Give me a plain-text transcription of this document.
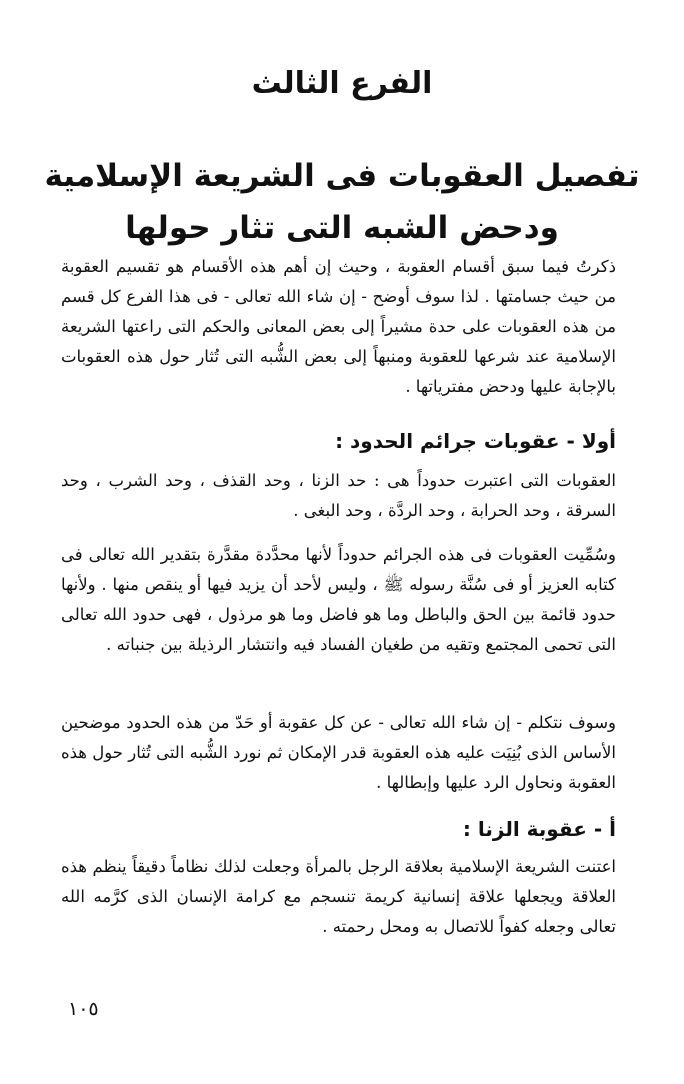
الفرع الثالث
تفصيل العقوبات فى الشريعة الإسلامية ودحض الشبه التى تثار حولها

ذكرتُ فيما سبق أقسام العقوبة ، وحيث إن أهم هذه الأقسام هو تقسيم العقوبة من حيث جسامتها . لذا سوف أوضح - إن شاء الله تعالى - فى هذا الفرع كل قسم من هذه العقوبات على حدة مشيراً إلى بعض المعانى والحكم التى راعتها الشريعة الإسلامية عند شرعها للعقوبة ومنبهاً إلى بعض الشُّبه التى تُثار حول هذه العقوبات بالإجابة عليها ودحض مفترياتها .

أولا - عقوبات جرائم الحدود :

العقوبات التى اعتبرت حدوداً هى : حد الزنا ، وحد القذف ، وحد الشرب ، وحد السرقة ، وحد الحرابة ، وحد الردَّة ، وحد البغى .

وسُمِّيت العقوبات فى هذه الجرائم حدوداً لأنها محدَّدة مقدَّرة بتقدير الله تعالى فى كتابه العزيز أو فى سُنَّة رسوله ﷺ ، وليس لأحد أن يزيد فيها أو ينقص منها . ولأنها حدود قائمة بين الحق والباطل وما هو فاضل وما هو مرذول ، فهى حدود الله تعالى التى تحمى المجتمع وتقيه من طغيان الفساد فيه وانتشار الرذيلة بين جنباته .

وسوف نتكلم - إن شاء الله تعالى - عن كل عقوبة أو حَدّ من هذه الحدود موضحين الأساس الذى بُنِيَت عليه هذه العقوبة قدر الإمكان ثم نورد الشُّبه التى تُثار حول هذه العقوبة ونحاول الرد عليها وإبطالها .

أ - عقوبة الزنا :

اعتنت الشريعة الإسلامية بعلاقة الرجل بالمرأة وجعلت لذلك نظاماً دقيقاً ينظم هذه العلاقة ويجعلها علاقة إنسانية كريمة تنسجم مع كرامة الإنسان الذى كرَّمه الله تعالى وجعله كفواً للاتصال به ومحل رحمته .

١٠٥
